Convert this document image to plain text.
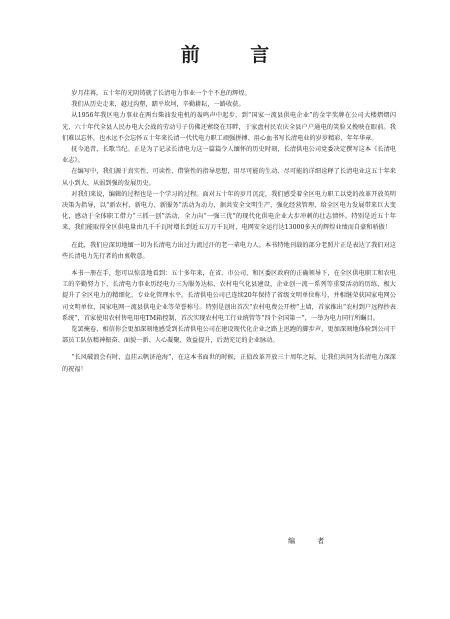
前 言

岁月荏苒，五十年的光阴铸就了长清电力事业一个个不息的辉煌。

我们从历史走来，越过沟壑，踏平坎坷，辛勤耕耘，一路收获。

从1956年我区电力事业在两台柴油发电机的轰鸣声中起步，到“国家一流县供电企业”的金字奖牌在公司大楼熠熠闪光，六十年代全县人民办电大会战的劳动号子仿佛还萦绕在耳畔，于家盘村民农庆全县户户通电的笑脸又挽映在眼前。我们难以忘怀，也永远不会忘怀五十年来长清一代代电力职工顽强拼搏、用心血书写长清电业的岁岁精彩、年年华章。

抚今追昔，长歌当纪。正是为了记录长清电力这一篇篇令人缅怀的历史时刻，长清供电公司党委决定撰写这本《长清电业志》。

在编写中，我们源于真实性、可读性，借鉴性的指导思想，用尽可能的生动、尽可能的详细诠释了长清电业这五十年来从小到大、从弱到强的发展历史。

对我们来说，编辑的过程也是一个学习的过程。面对五十年的岁月沉淀，我们感受着全区电力职工以党的改革开放英明决策为指导，以“新农村、新电力、新服务”活动为动力，据共安全文明生产，强化经营管理，给全区电力发展带来巨大变化，感动于全体职工借力“三抓一创”活动，全力向“一强三优”的现代化供电企业大步冲刺的壮志情怀。特别是近五十年来，我们能取得全区供电量由几千千瓦时增长到近五万万千瓦时，电网安全运行达13000多天的辉煌业绩而自豪和骄傲！

在此，我们应深切地缅一切为长清电力出过力流过汗的老一辈电力人。本书特地刊载的部分老照片正是表达了我们对这些长清电力先行者的由衷敬意。

本书一册在手，您可以惊喜地看到：五十多年来，在省、市公司、和区委区政府的正确领导下，在全区供电职工和农电工的辛勤努力下，长清电力事业历经电力三为服务达标、农村电气化县建设、企业创一流一系列等重要活动的历练，极大提升了全区电力的精细化、专业化管理水平。长清供电公司已连续20年保持了省级文明单位称号，并相继荣获国家电网公司文明单位，国家电网一流县供电企业等荣誉称号。特别是创出首次“农村电费公开榜”上墙，首家推出“农村到户远程抄表系统”，首家使用农村售电用电TM箱控制，首次实现农村电工行业统管等“四个全国第一”，一举为电力同行所瞩目。

览罢掩卷，相信你会更加深刻地感受到长清供电公司在建设现代化企业之路上迅跑的脚步声，更加深刻地体验到公司干部员工队伍精神振奋、面貌一新、人心凝聚、效益提升，后劲充足的企业脉动。

“长风破浪会有时，直挂云帆济沧海”，在这本书面世的时候，正值改革开放三十周年之际，让我们共同为长清电力深深的祝福！

编 者
